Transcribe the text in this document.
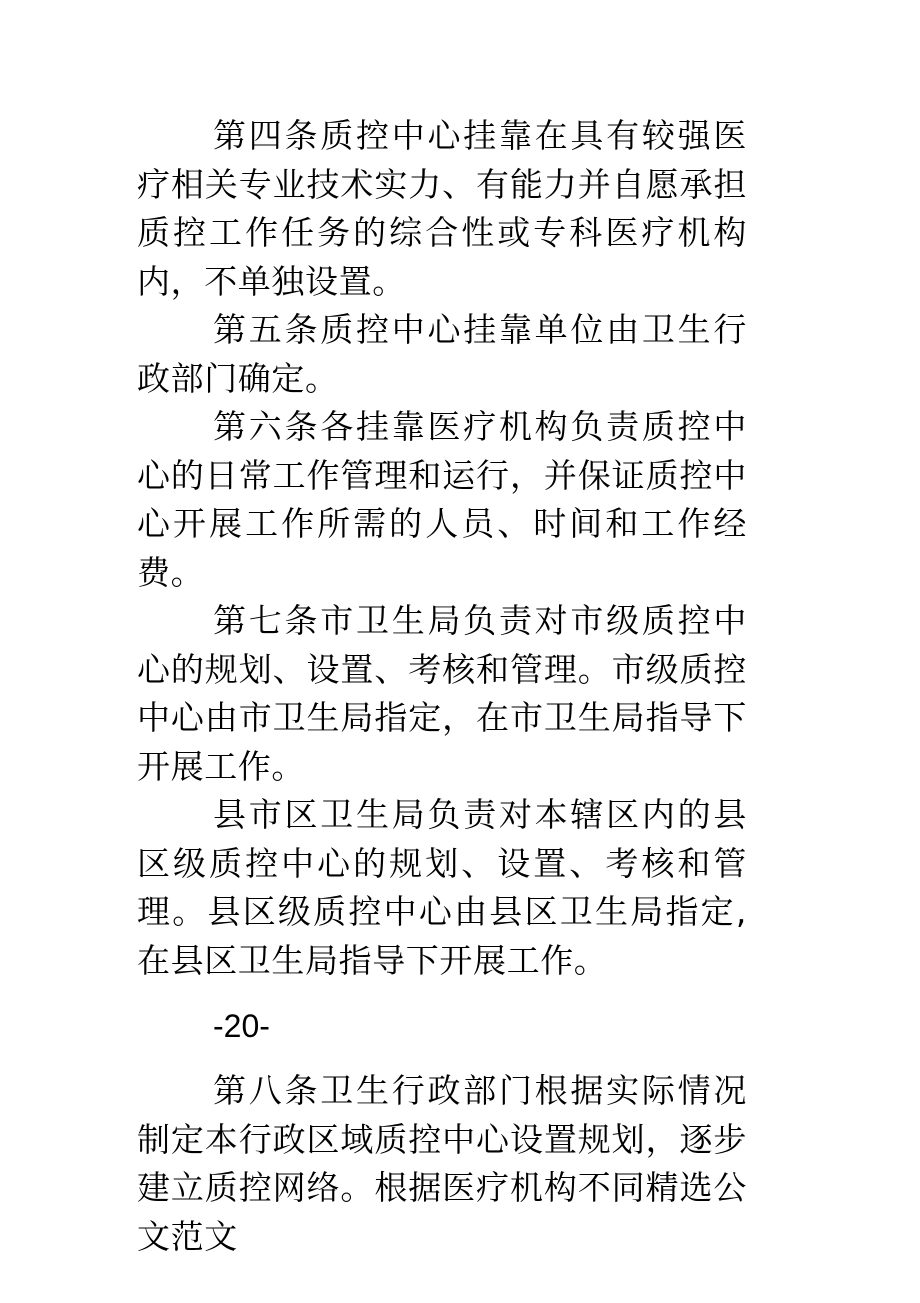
第四条质控中心挂靠在具有较强医疗相关专业技术实力、有能力并自愿承担质控工作任务的综合性或专科医疗机构内，不单独设置。

第五条质控中心挂靠单位由卫生行政部门确定。

第六条各挂靠医疗机构负责质控中心的日常工作管理和运行，并保证质控中心开展工作所需的人员、时间和工作经费。

第七条市卫生局负责对市级质控中心的规划、设置、考核和管理。市级质控中心由市卫生局指定，在市卫生局指导下开展工作。

县市区卫生局负责对本辖区内的县区级质控中心的规划、设置、考核和管理。县区级质控中心由县区卫生局指定, 在县区卫生局指导下开展工作。

-20-

第八条卫生行政部门根据实际情况制定本行政区域质控中心设置规划，逐步建立质控网络。根据医疗机构不同精选公文范文
